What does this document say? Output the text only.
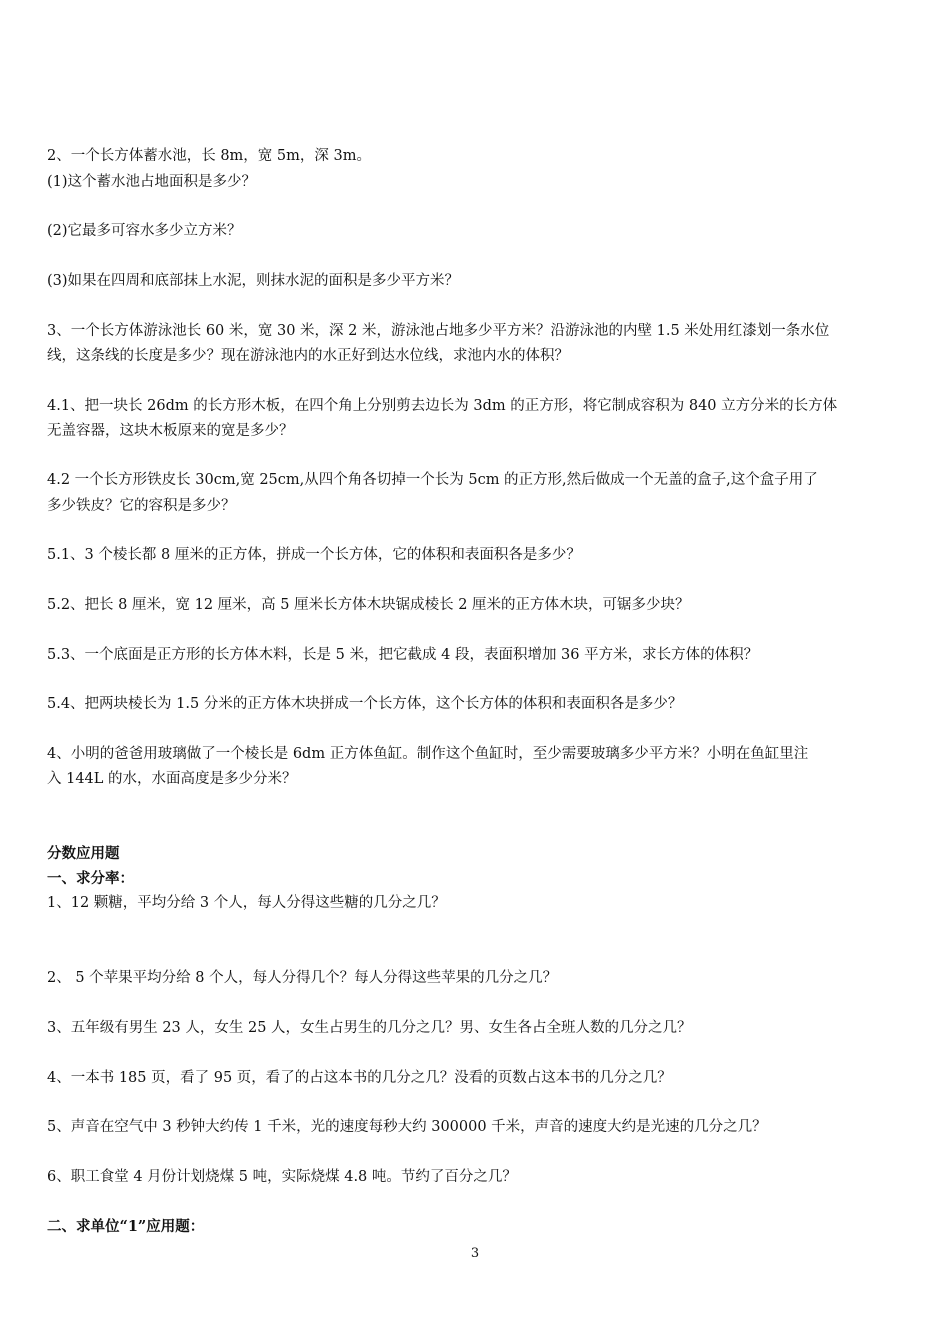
2、一个长方体蓄水池，长 8m，宽 5m，深 3m。
(1)这个蓄水池占地面积是多少？
(2)它最多可容水多少立方米？
(3)如果在四周和底部抹上水泥，则抹水泥的面积是多少平方米？
3、一个长方体游泳池长 60 米，宽 30 米，深 2 米，游泳池占地多少平方米？沿游泳池的内壁 1.5 米处用红漆划一条水位
线，这条线的长度是多少？现在游泳池内的水正好到达水位线，求池内水的体积？
4.1、把一块长 26dm 的长方形木板，在四个角上分别剪去边长为 3dm 的正方形，将它制成容积为 840 立方分米的长方体
无盖容器，这块木板原来的宽是多少？
4.2 一个长方形铁皮长 30cm,宽 25cm,从四个角各切掉一个长为 5cm 的正方形,然后做成一个无盖的盒子,这个盒子用了
多少铁皮？它的容积是多少？
5.1、3 个棱长都 8 厘米的正方体，拼成一个长方体，它的体积和表面积各是多少？
5.2、把长 8 厘米，宽 12 厘米，高 5 厘米长方体木块锯成棱长 2 厘米的正方体木块，可锯多少块？
5.3、一个底面是正方形的长方体木料，长是 5 米，把它截成 4 段，表面积增加 36 平方米，求长方体的体积？
5.4、把两块棱长为 1.5 分米的正方体木块拼成一个长方体，这个长方体的体积和表面积各是多少？
4、小明的爸爸用玻璃做了一个棱长是 6dm 正方体鱼缸。制作这个鱼缸时，至少需要玻璃多少平方米？小明在鱼缸里注
入 144L 的水，水面高度是多少分米？
分数应用题
一、求分率：
1、12 颗糖，平均分给 3 个人，每人分得这些糖的几分之几？
2、 5 个苹果平均分给 8 个人，每人分得几个？每人分得这些苹果的几分之几？
3、五年级有男生 23 人，女生 25 人，女生占男生的几分之几？男、女生各占全班人数的几分之几？
4、一本书 185 页，看了 95 页，看了的占这本书的几分之几？没看的页数占这本书的几分之几？
5、声音在空气中 3 秒钟大约传 1 千米，光的速度每秒大约 300000 千米，声音的速度大约是光速的几分之几？
6、职工食堂 4 月份计划烧煤 5 吨，实际烧煤 4.8 吨。节约了百分之几？
二、求单位“1”应用题：
3
